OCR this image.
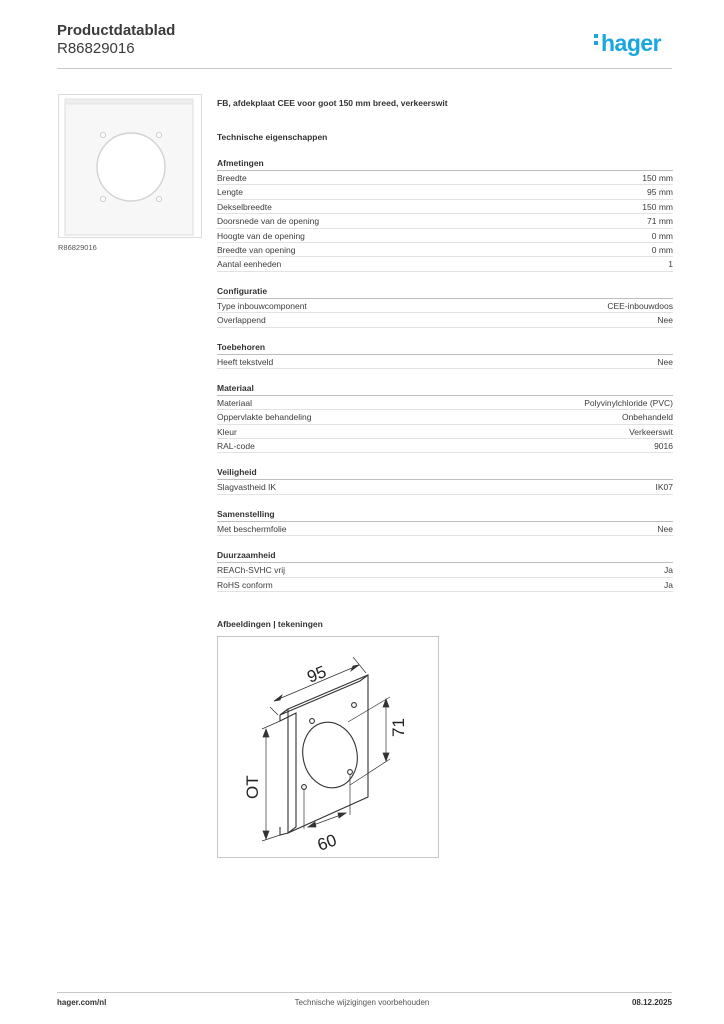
Productdatablad
R86829016	hager
R86829016
FB, afdekplaat CEE voor goot 150 mm breed, verkeerswit
Technische eigenschappen
Afmetingen
Breedte	150 mm
Lengte	95 mm
Dekselbreedte	150 mm
Doorsnede van de opening	71 mm
Hoogte van de opening	0 mm
Breedte van opening	0 mm
Aantal eenheden	1
Configuratie
Type inbouwcomponent	CEE-inbouwdoos
Overlappend	Nee
Toebehoren
Heeft tekstveld	Nee
Materiaal
Materiaal	Polyvinylchloride (PVC)
Oppervlakte behandeling	Onbehandeld
Kleur	Verkeerswit
RAL-code	9016
Veiligheid
Slagvastheid IK	IK07
Samenstelling
Met beschermfolie	Nee
Duurzaamheid
REACh-SVHC vrij	Ja
RoHS conform	Ja
Afbeeldingen | tekeningen
95
71
OT
60
hager.com/nl	Technische wijzigingen voorbehouden	08.12.2025
